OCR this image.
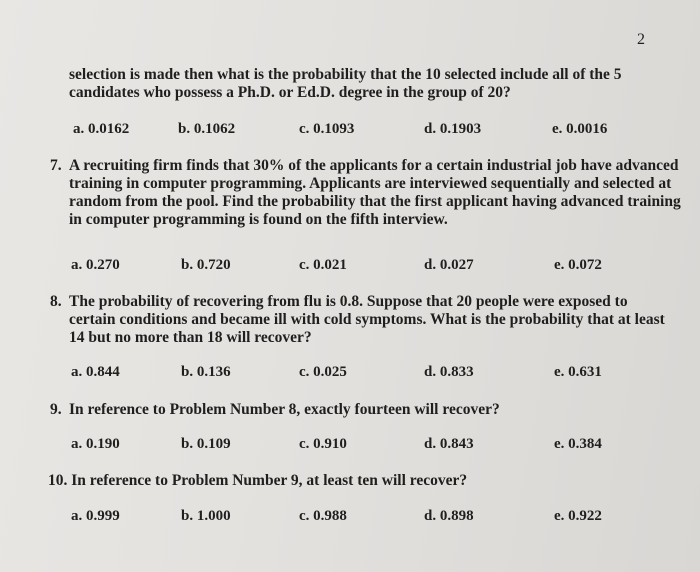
2
selection is made then what is the probability that the 10 selected include all of the 5
candidates who possess a Ph.D. or Ed.D. degree in the group of 20?
a. 0.0162	b. 0.1062	c. 0.1093	d. 0.1903	e. 0.0016
7. A recruiting firm finds that 30% of the applicants for a certain industrial job have advanced
training in computer programming. Applicants are interviewed sequentially and selected at
random from the pool. Find the probability that the first applicant having advanced training
in computer programming is found on the fifth interview.
a. 0.270	b. 0.720	c. 0.021	d. 0.027	e. 0.072
8. The probability of recovering from flu is 0.8. Suppose that 20 people were exposed to
certain conditions and became ill with cold symptoms. What is the probability that at least
14 but no more than 18 will recover?
a. 0.844	b. 0.136	c. 0.025	d. 0.833	e. 0.631
9. In reference to Problem Number 8, exactly fourteen will recover?
a. 0.190	b. 0.109	c. 0.910	d. 0.843	e. 0.384
10. In reference to Problem Number 9, at least ten will recover?
a. 0.999	b. 1.000	c. 0.988	d. 0.898	e. 0.922
